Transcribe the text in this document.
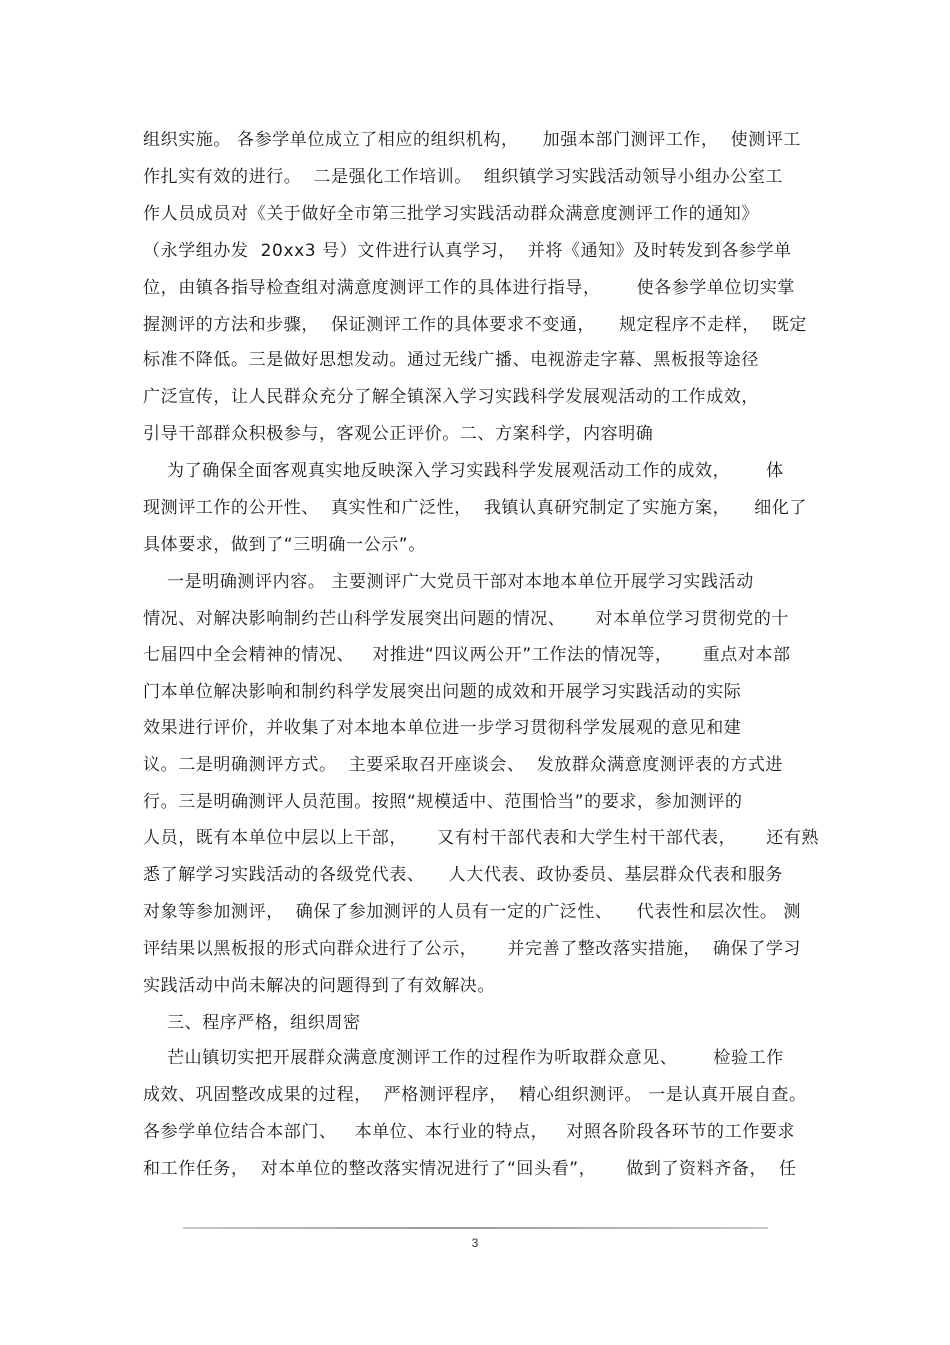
组织实施。 各参学单位成立了相应的组织机构，    加强本部门测评工作，  使测评工
作扎实有效的进行。  二是强化工作培训。  组织镇学习实践活动领导小组办公室工
作人员成员对《关于做好全市第三批学习实践活动群众满意度测评工作的通知》
（永学组办发  20xx3 号）文件进行认真学习，  并将《通知》及时转发到各参学单
位，由镇各指导检查组对满意度测评工作的具体进行指导，      使各参学单位切实掌
握测评的方法和步骤，  保证测评工作的具体要求不变通，    规定程序不走样，  既定
标准不降低。三是做好思想发动。通过无线广播、电视游走字幕、黑板报等途径
广泛宣传，让人民群众充分了解全镇深入学习实践科学发展观活动的工作成效，
引导干部群众积极参与，客观公正评价。二、方案科学，内容明确
为了确保全面客观真实地反映深入学习实践科学发展观活动工作的成效，      体
现测评工作的公开性、  真实性和广泛性，  我镇认真研究制定了实施方案，    细化了
具体要求，做到了“三明确一公示”。
一是明确测评内容。 主要测评广大党员干部对本地本单位开展学习实践活动
情况、对解决影响制约芒山科学发展突出问题的情况、     对本单位学习贯彻党的十
七届四中全会精神的情况、   对推进“四议两公开”工作法的情况等，     重点对本部
门本单位解决影响和制约科学发展突出问题的成效和开展学习实践活动的实际
效果进行评价，并收集了对本地本单位进一步学习贯彻科学发展观的意见和建
议。二是明确测评方式。  主要采取召开座谈会、  发放群众满意度测评表的方式进
行。三是明确测评人员范围。按照“规模适中、范围恰当”的要求，参加测评的
人员，既有本单位中层以上干部，     又有村干部代表和大学生村干部代表，     还有熟
悉了解学习实践活动的各级党代表、    人大代表、政协委员、基层群众代表和服务
对象等参加测评，  确保了参加测评的人员有一定的广泛性、    代表性和层次性。 测
评结果以黑板报的形式向群众进行了公示，     并完善了整改落实措施，  确保了学习
实践活动中尚未解决的问题得到了有效解决。
三、程序严格，组织周密
芒山镇切实把开展群众满意度测评工作的过程作为听取群众意见、      检验工作
成效、巩固整改成果的过程，  严格测评程序，  精心组织测评。 一是认真开展自查。
各参学单位结合本部门、   本单位、本行业的特点，   对照各阶段各环节的工作要求
和工作任务，  对本单位的整改落实情况进行了“回头看”，     做到了资料齐备，  任
3
